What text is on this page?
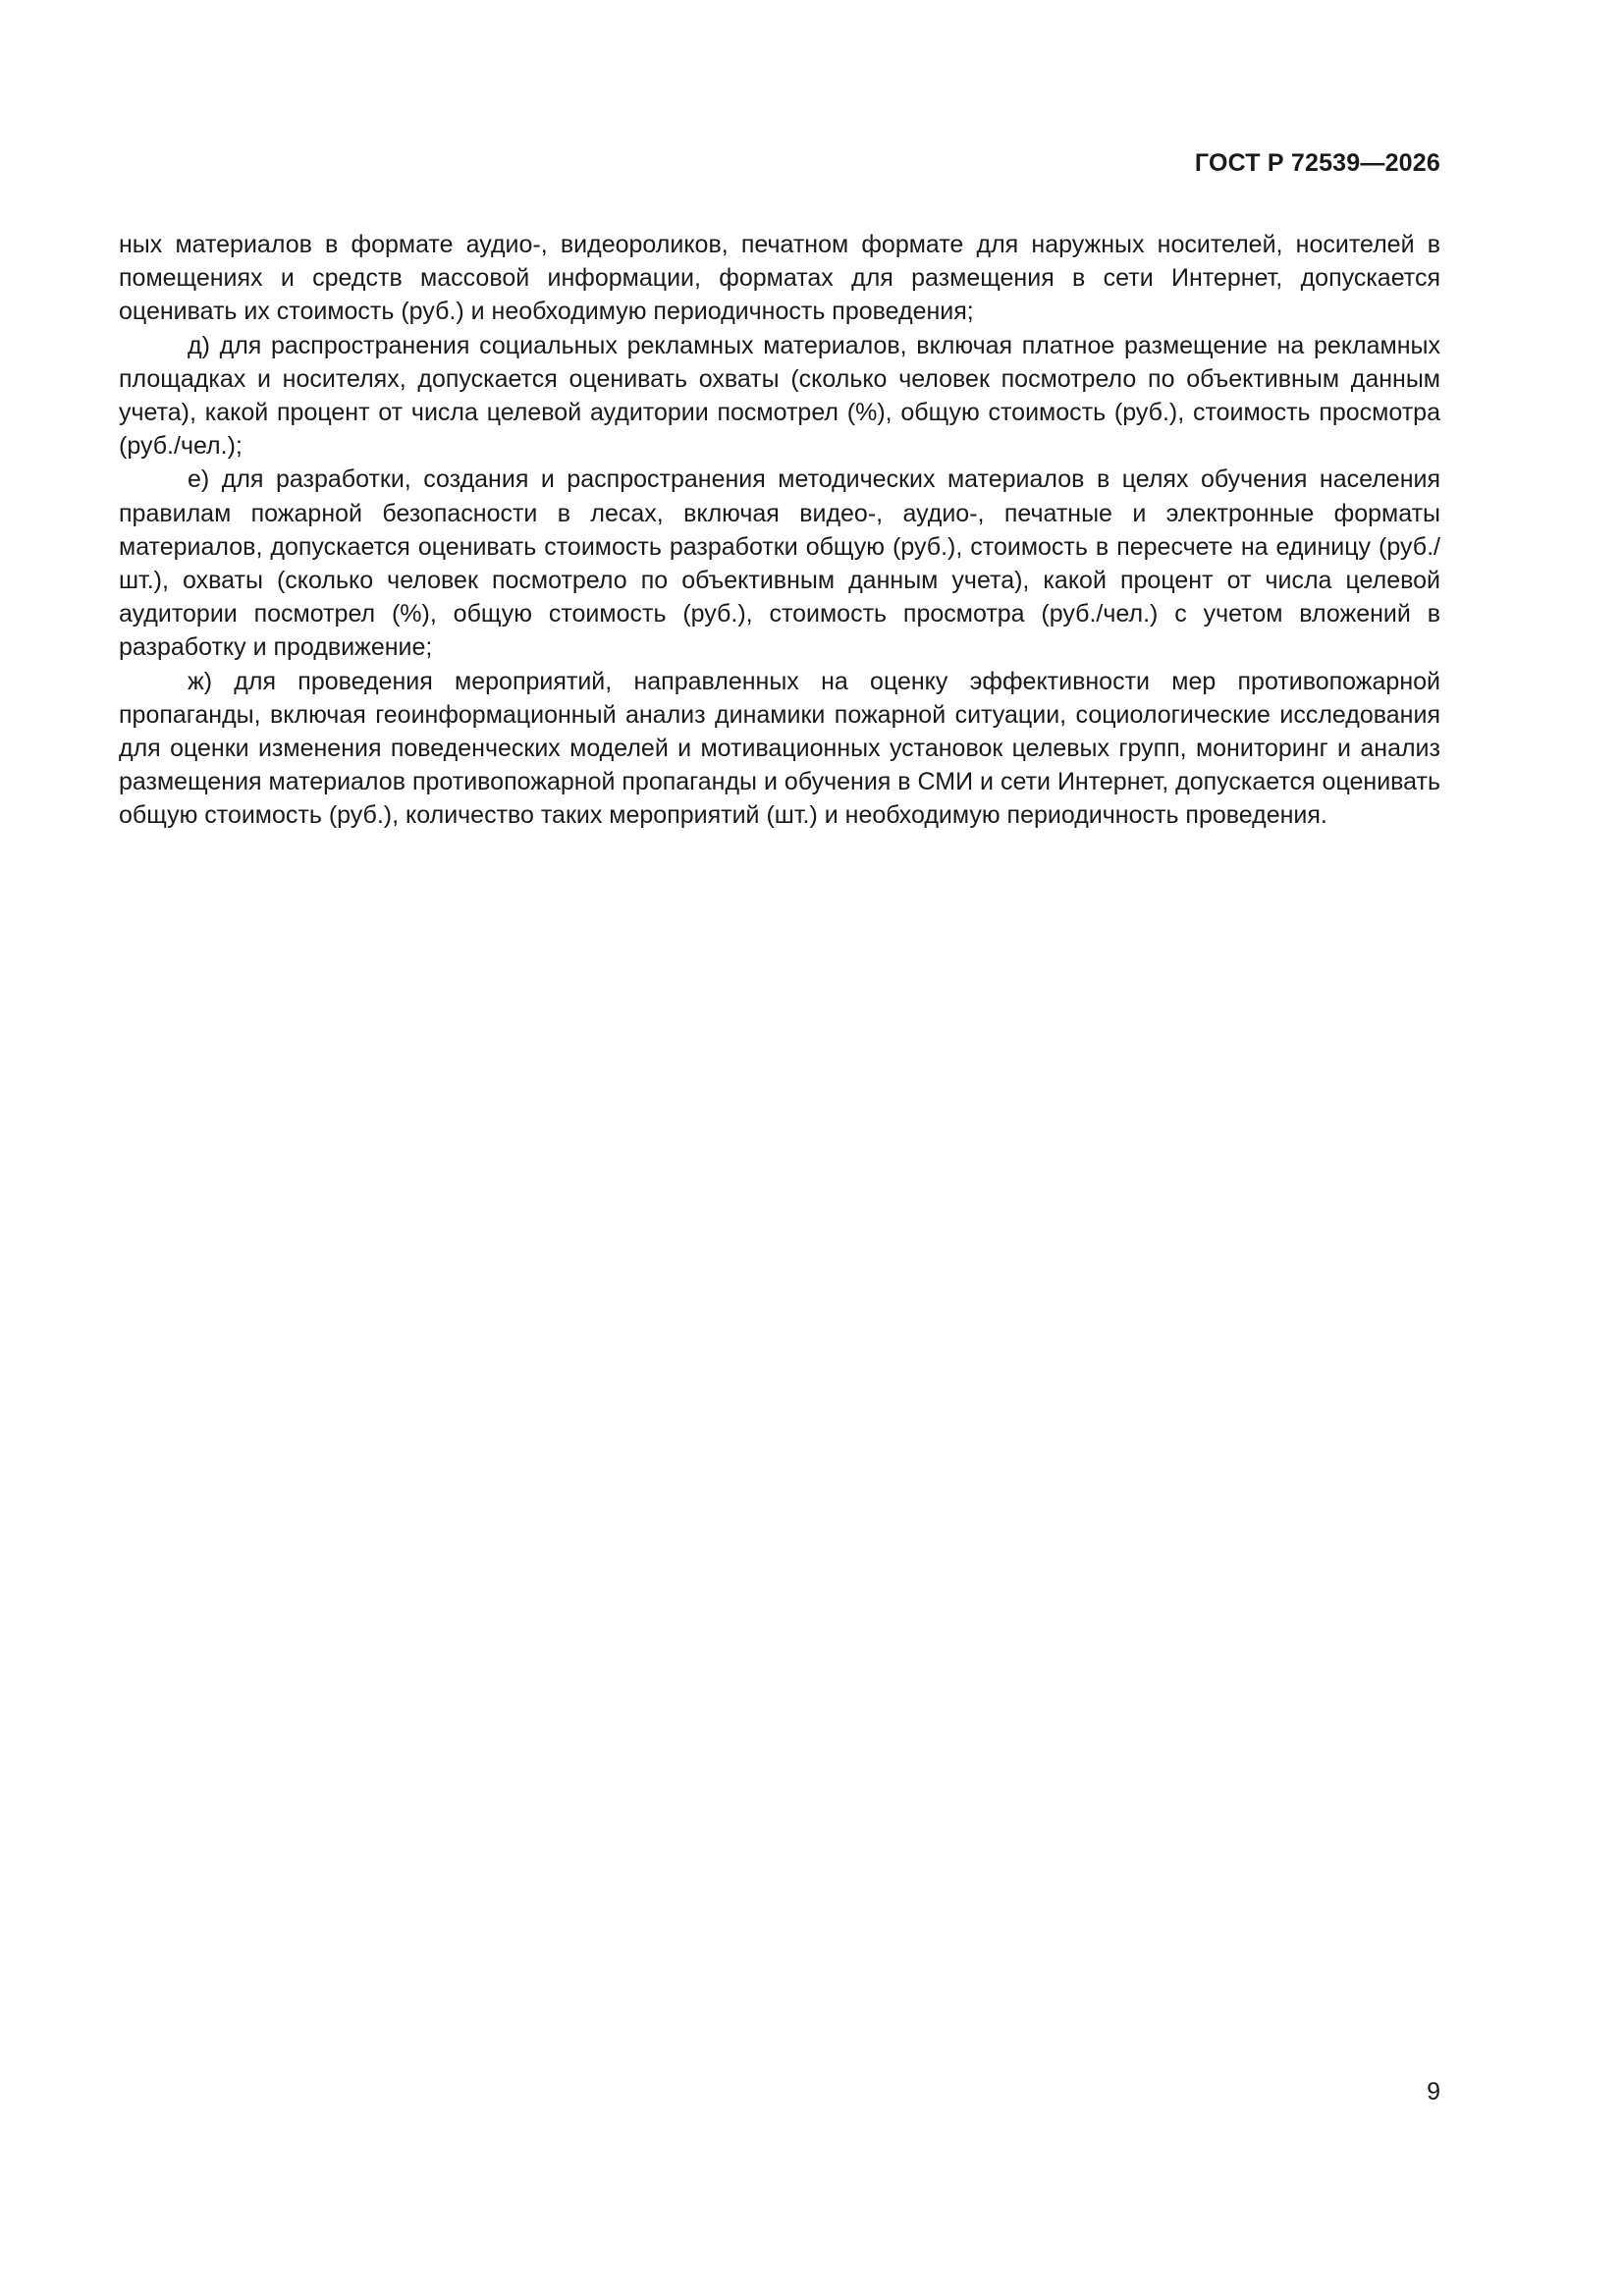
ГОСТ Р 72539—2026

ных материалов в формате аудио-, видеороликов, печатном формате для наружных носителей, носителей в помещениях и средств массовой информации, форматах для размещения в сети Интернет, допускается оценивать их стоимость (руб.) и необходимую периодичность проведения;

д) для распространения социальных рекламных материалов, включая платное размещение на рекламных площадках и носителях, допускается оценивать охваты (сколько человек посмотрело по объективным данным учета), какой процент от числа целевой аудитории посмотрел (%), общую стоимость (руб.), стоимость просмотра (руб./чел.);

е) для разработки, создания и распространения методических материалов в целях обучения населения правилам пожарной безопасности в лесах, включая видео-, аудио-, печатные и электронные форматы материалов, допускается оценивать стоимость разработки общую (руб.), стоимость в пересчете на единицу (руб./шт.), охваты (сколько человек посмотрело по объективным данным учета), какой процент от числа целевой аудитории посмотрел (%), общую стоимость (руб.), стоимость просмотра (руб./чел.) с учетом вложений в разработку и продвижение;

ж) для проведения мероприятий, направленных на оценку эффективности мер противопожарной пропаганды, включая геоинформационный анализ динамики пожарной ситуации, социологические исследования для оценки изменения поведенческих моделей и мотивационных установок целевых групп, мониторинг и анализ размещения материалов противопожарной пропаганды и обучения в СМИ и сети Интернет, допускается оценивать общую стоимость (руб.), количество таких мероприятий (шт.) и необходимую периодичность проведения.

9
